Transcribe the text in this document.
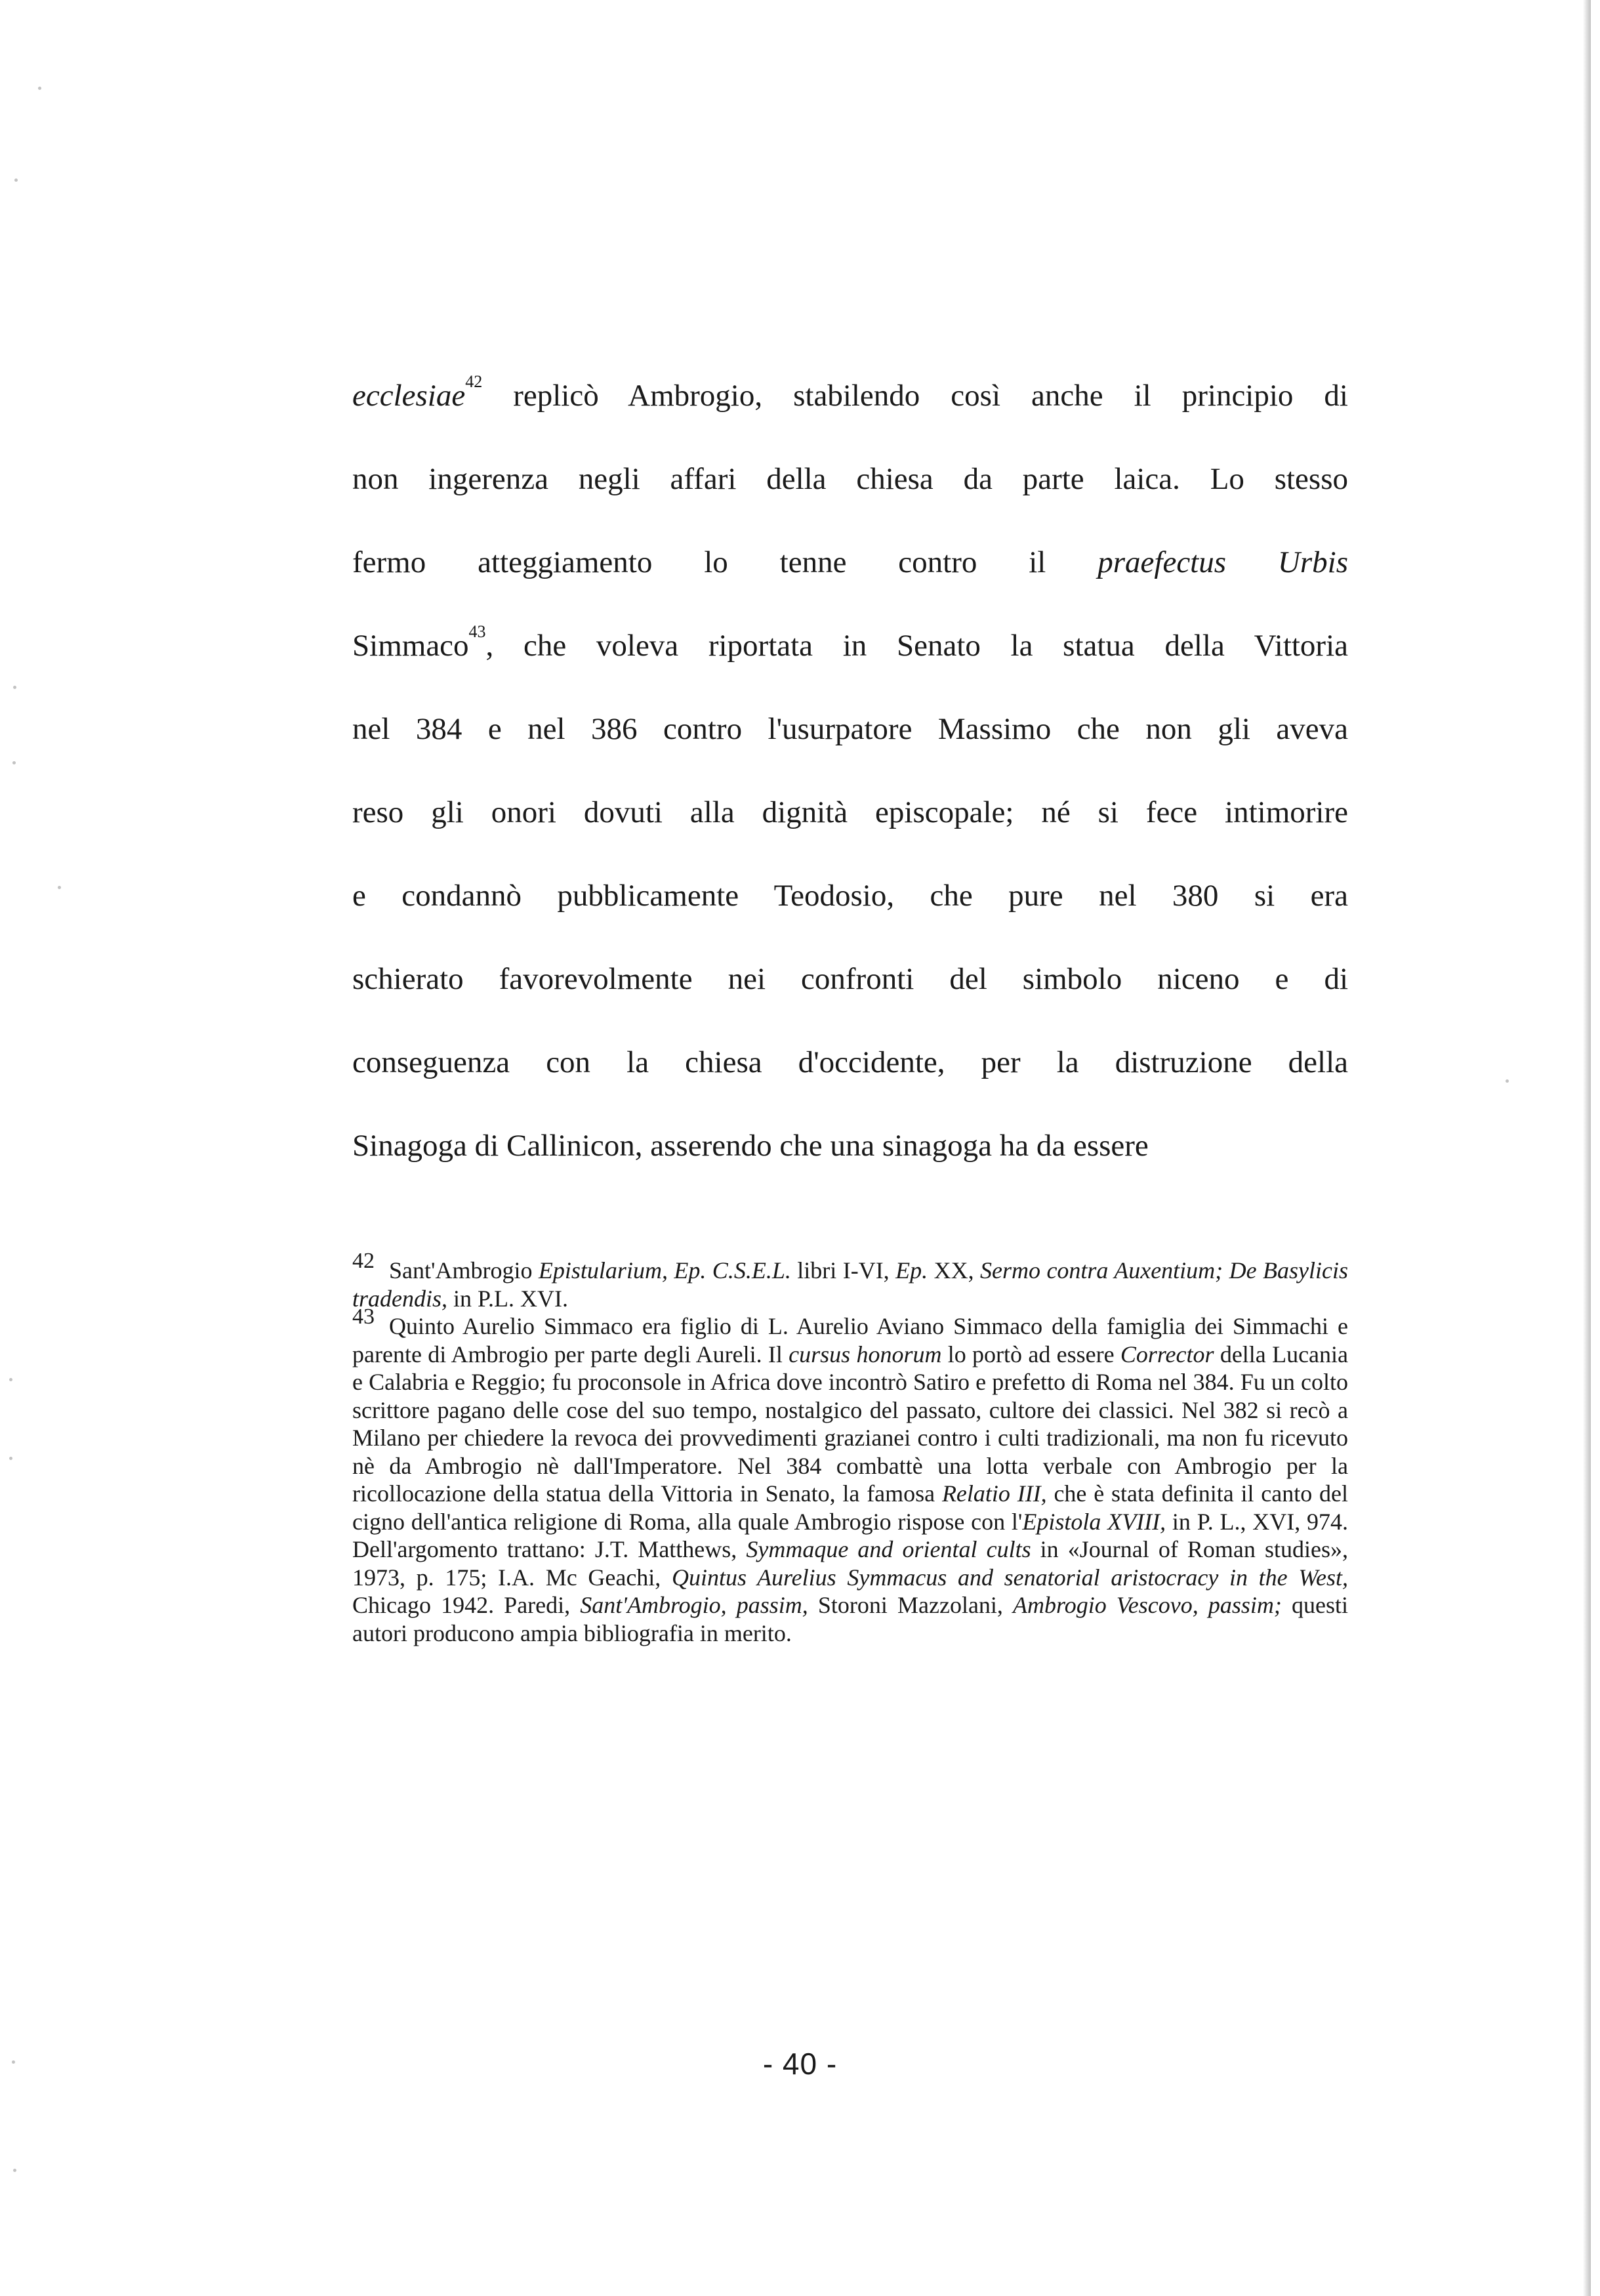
ecclesiae$^{42}$ replicò Ambrogio, stabilendo così anche il principio di
non ingerenza negli affari della chiesa da parte laica. Lo stesso
fermo atteggiamento lo tenne contro il praefectus Urbis
Simmaco$^{43}$, che voleva riportata in Senato la statua della Vittoria
nel 384 e nel 386 contro l'usurpatore Massimo che non gli aveva
reso gli onori dovuti alla dignità episcopale; né si fece intimorire
e condannò pubblicamente Teodosio, che pure nel 380 si era
schierato favorevolmente nei confronti del simbolo niceno e di
conseguenza con la chiesa d'occidente, per la distruzione della
Sinagoga di Callinicon, asserendo che una sinagoga ha da essere

42 Sant'Ambrogio Epistularium, Ep. C.S.E.L. libri I-VI, Ep. XX, Sermo contra Auxentium; De Basylicis tradendis, in P.L. XVI.

43 Quinto Aurelio Simmaco era figlio di L. Aurelio Aviano Simmaco della famiglia dei Simmachi e parente di Ambrogio per parte degli Aureli. Il cursus honorum lo portò ad essere Corrector della Lucania e Calabria e Reggio; fu proconsole in Africa dove incontrò Satiro e prefetto di Roma nel 384. Fu un colto scrittore pagano delle cose del suo tempo, nostalgico del passato, cultore dei classici. Nel 382 si recò a Milano per chiedere la revoca dei provvedimenti grazianei contro i culti tradizionali, ma non fu ricevuto nè da Ambrogio nè dall'Imperatore. Nel 384 combattè una lotta verbale con Ambrogio per la ricollocazione della statua della Vittoria in Senato, la famosa Relatio III, che è stata definita il canto del cigno dell'antica religione di Roma, alla quale Ambrogio rispose con l'Epistola XVIII, in P. L., XVI, 974. Dell'argomento trattano: J.T. Matthews, Symmaque and oriental cults in «Journal of Roman studies», 1973, p. 175; I.A. Mc Geachi, Quintus Aurelius Symmacus and senatorial aristocracy in the West, Chicago 1942. Paredi, Sant'Ambrogio, passim, Storoni Mazzolani, Ambrogio Vescovo, passim; questi autori producono ampia bibliografia in merito.

- 40 -
